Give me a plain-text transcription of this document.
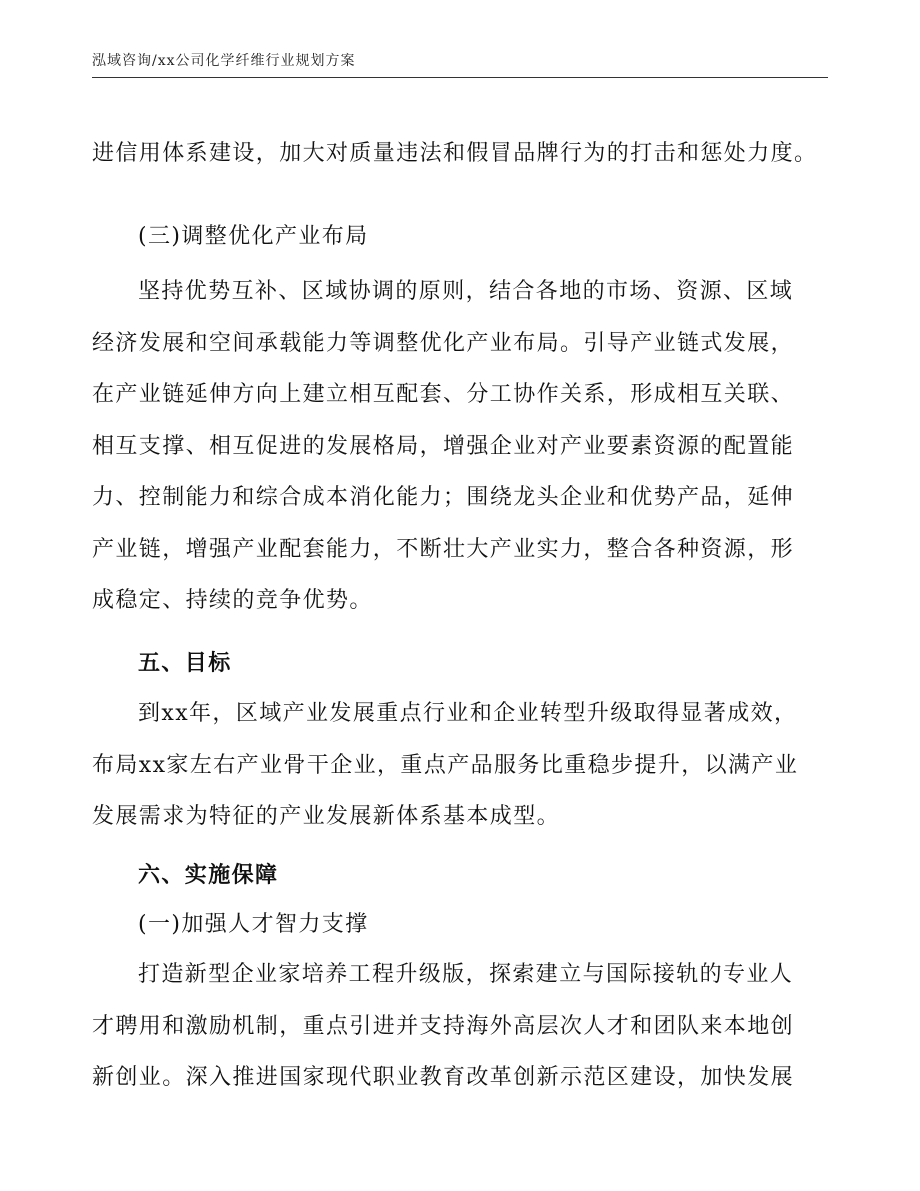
泓域咨询/xx公司化学纤维行业规划方案
进信用体系建设，加大对质量违法和假冒品牌行为的打击和惩处力度。
(三)调整优化产业布局
坚持优势互补、区域协调的原则，结合各地的市场、资源、区域
经济发展和空间承载能力等调整优化产业布局。引导产业链式发展，
在产业链延伸方向上建立相互配套、分工协作关系，形成相互关联、
相互支撑、相互促进的发展格局，增强企业对产业要素资源的配置能
力、控制能力和综合成本消化能力；围绕龙头企业和优势产品，延伸
产业链，增强产业配套能力，不断壮大产业实力，整合各种资源，形
成稳定、持续的竞争优势。
五、目标
到xx年，区域产业发展重点行业和企业转型升级取得显著成效，
布局xx家左右产业骨干企业，重点产品服务比重稳步提升，以满产业
发展需求为特征的产业发展新体系基本成型。
六、实施保障
(一)加强人才智力支撑
打造新型企业家培养工程升级版，探索建立与国际接轨的专业人
才聘用和激励机制，重点引进并支持海外高层次人才和团队来本地创
新创业。深入推进国家现代职业教育改革创新示范区建设，加快发展
